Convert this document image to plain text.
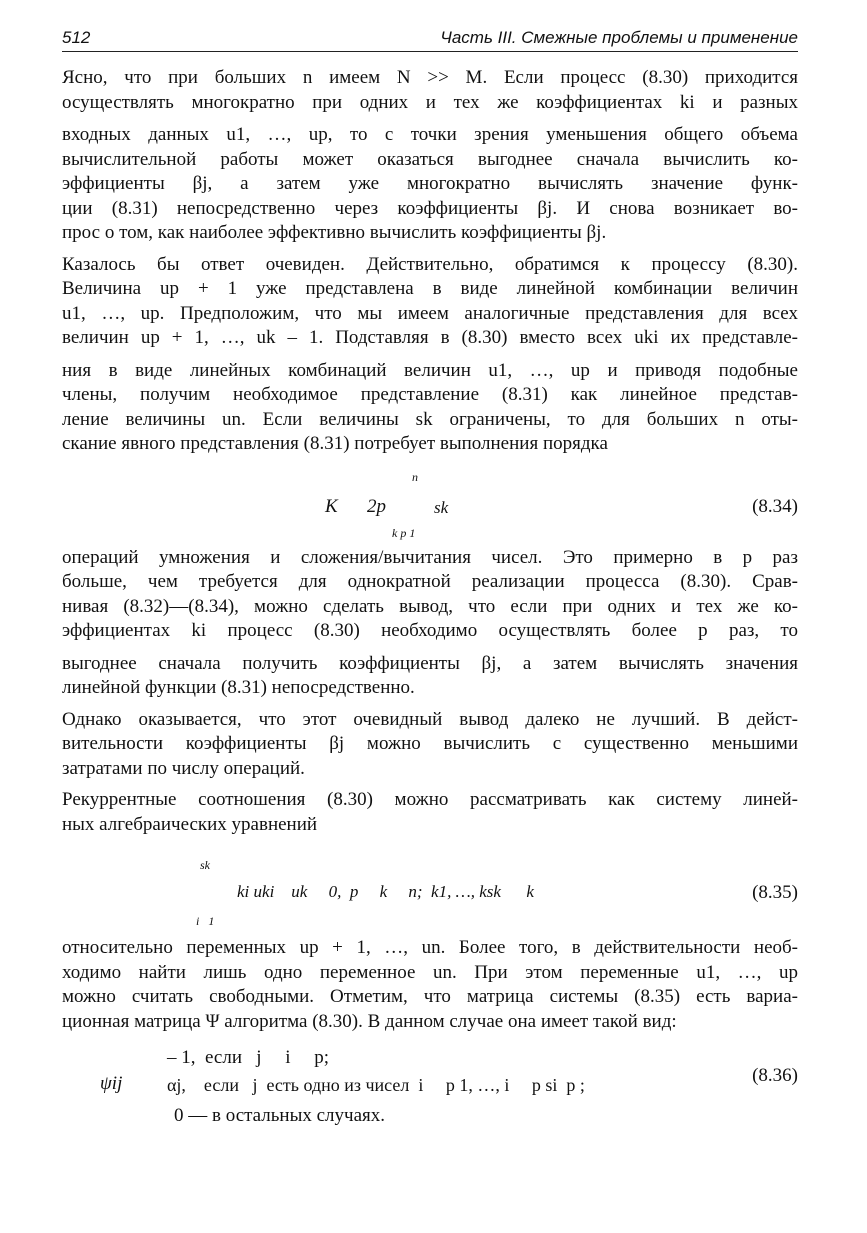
512	Часть III. Смежные проблемы и применение
Ясно, что при больших n имеем N >> M. Если процесс (8.30) приходится
осуществлять многократно при одних и тех же коэффициентах ki и разных
входных данных u1, …, up, то с точки зрения уменьшения общего объема
вычислительной работы может оказаться выгоднее сначала вычислить ко-
эффициенты βj, а затем уже многократно вычислять значение функ-
ции (8.31) непосредственно через коэффициенты βj. И снова возникает во-
прос о том, как наиболее эффективно вычислить коэффициенты βj.
Казалось бы ответ очевиден. Действительно, обратимся к процессу (8.30).
Величина up + 1 уже представлена в виде линейной комбинации величин
u1, …, up. Предположим, что мы имеем аналогичные представления для всех
величин up + 1, …, uk – 1. Подставляя в (8.30) вместо всех uki их представле-
ния в виде линейных комбинаций величин u1, …, up и приводя подобные
члены, получим необходимое представление (8.31) как линейное представ-
ление величины un. Если величины sk ограничены, то для больших n оты-
скание явного представления (8.31) потребует выполнения порядка
K 2p
n
sk
k p 1
(8.34)
операций умножения и сложения/вычитания чисел. Это примерно в p раз
больше, чем требуется для однократной реализации процесса (8.30). Срав-
нивая (8.32)—(8.34), можно сделать вывод, что если при одних и тех же ко-
эффициентах ki процесс (8.30) необходимо осуществлять более p раз, то
выгоднее сначала получить коэффициенты βj, а затем вычислять значения
линейной функции (8.31) непосредственно.
Однако оказывается, что этот очевидный вывод далеко не лучший. В дейст-
вительности коэффициенты βj можно вычислить с существенно меньшими
затратами по числу операций.
Рекуррентные соотношения (8.30) можно рассматривать как систему линей-
ных алгебраических уравнений
sk
ki uki    uk     0,  p     k     n;  k1, …, ksk      k
i   1
(8.35)
относительно переменных up + 1, …, un. Более того, в действительности необ-
ходимо найти лишь одно переменное un. При этом переменные u1, …, up
можно считать свободными. Отметим, что матрица системы (8.35) есть вариа-
ционная матрица Ψ алгоритма (8.30). В данном случае она имеет такой вид:
ψij
– 1,  если   j     i     p;
αj,    если   j  есть одно из чисел  i     p 1, …, i     p si  p ;
0 — в остальных случаях.
(8.36)
